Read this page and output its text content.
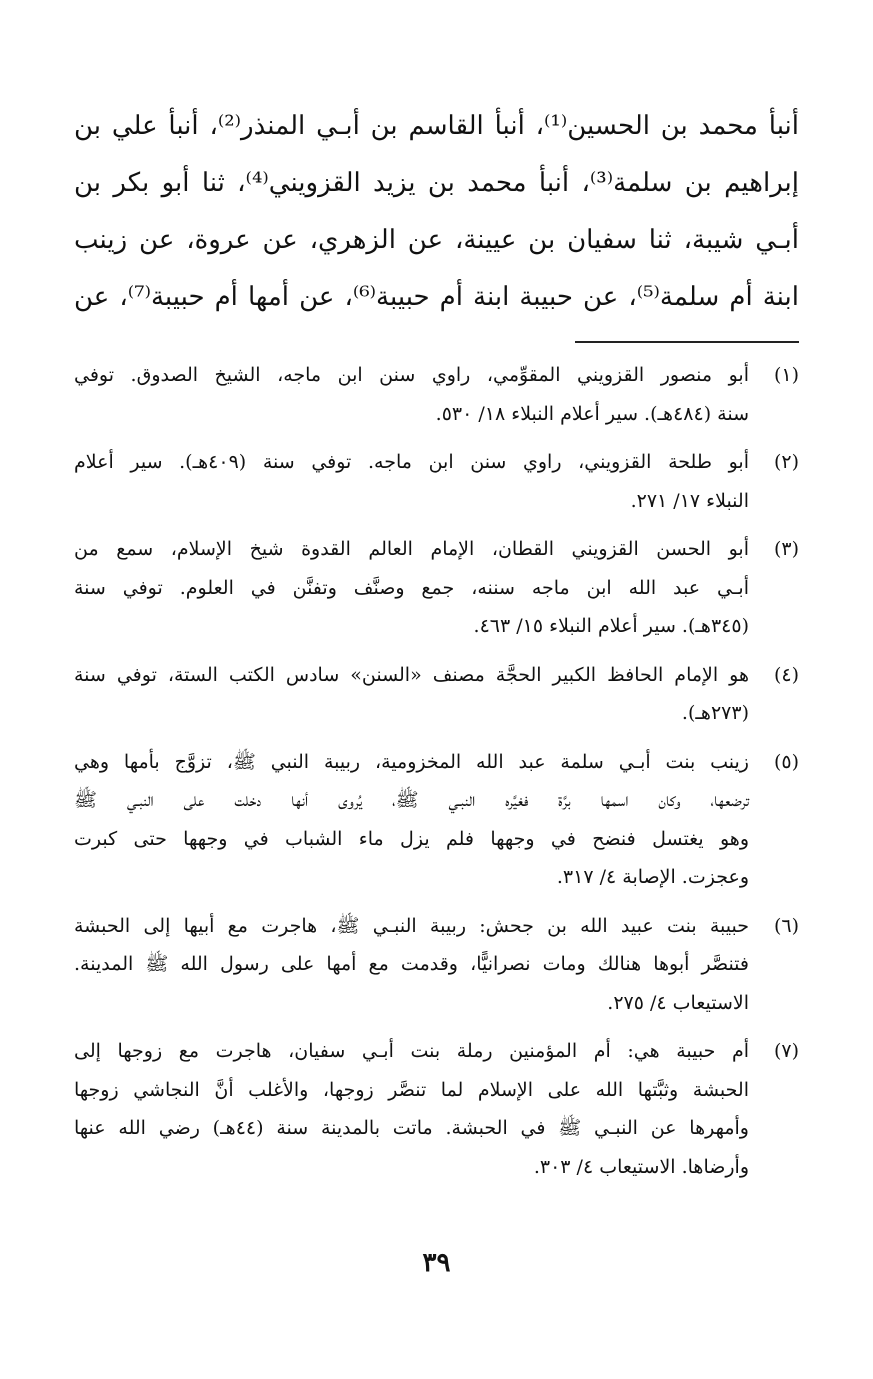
أنبأ محمد بن الحسين⁽¹⁾، أنبأ القاسم بن أبـي المنذر⁽²⁾، أنبأ علي بن
إبراهيم بن سلمة⁽³⁾، أنبأ محمد بن يزيد القزويني⁽⁴⁾، ثنا أبو بكر بن
أبـي شيبة، ثنا سفيان بن عيينة، عن الزهري، عن عروة، عن زينب
ابنة أم سلمة⁽⁵⁾، عن حبيبة ابنة أم حبيبة⁽⁶⁾، عن أمها أم حبيبة⁽⁷⁾، عن
(١)
أبو منصور القزويني المقوِّمي، راوي سنن ابن ماجه، الشيخ الصدوق. توفي
سنة (٤٨٤هـ). سير أعلام النبلاء ١٨/ ٥٣٠.
(٢)
أبو طلحة القزويني، راوي سنن ابن ماجه. توفي سنة (٤٠٩هـ). سير أعلام
النبلاء ١٧/ ٢٧١.
(٣)
أبو الحسن القزويني القطان، الإمام العالم القدوة شيخ الإسلام، سمع من
أبـي عبد الله ابن ماجه سننه، جمع وصنَّف وتفنَّن في العلوم. توفي سنة
(٣٤٥هـ). سير أعلام النبلاء ١٥/ ٤٦٣.
(٤)
هو الإمام الحافظ الكبير الحجَّة مصنف «السنن» سادس الكتب الستة، توفي سنة
(٢٧٣هـ).
(٥)
زينب بنت أبـي سلمة عبد الله المخزومية، ربيبة النبي ﷺ، تزوَّج بأمها وهي
ترضعها، وكان اسمها برَّة فغيَّره النبـي ﷺ، يُروى أنها دخلت على النبـي ﷺ
وهو يغتسل فنضح في وجهها فلم يزل ماء الشباب في وجهها حتى كبرت
وعجزت. الإصابة ٤/ ٣١٧.
(٦)
حبيبة بنت عبيد الله بن جحش: ربيبة النبـي ﷺ، هاجرت مع أبيها إلى الحبشة
فتنصَّر أبوها هنالك ومات نصرانيًّا، وقدمت مع أمها على رسول الله ﷺ المدينة.
الاستيعاب ٤/ ٢٧٥.
(٧)
أم حبيبة هي: أم المؤمنين رملة بنت أبـي سفيان، هاجرت مع زوجها إلى
الحبشة وثبَّتها الله على الإسلام لما تنصَّر زوجها، والأغلب أنَّ النجاشي زوجها
وأمهرها عن النبـي ﷺ في الحبشة. ماتت بالمدينة سنة (٤٤هـ) رضي الله عنها
وأرضاها. الاستيعاب ٤/ ٣٠٣.
٣٩
